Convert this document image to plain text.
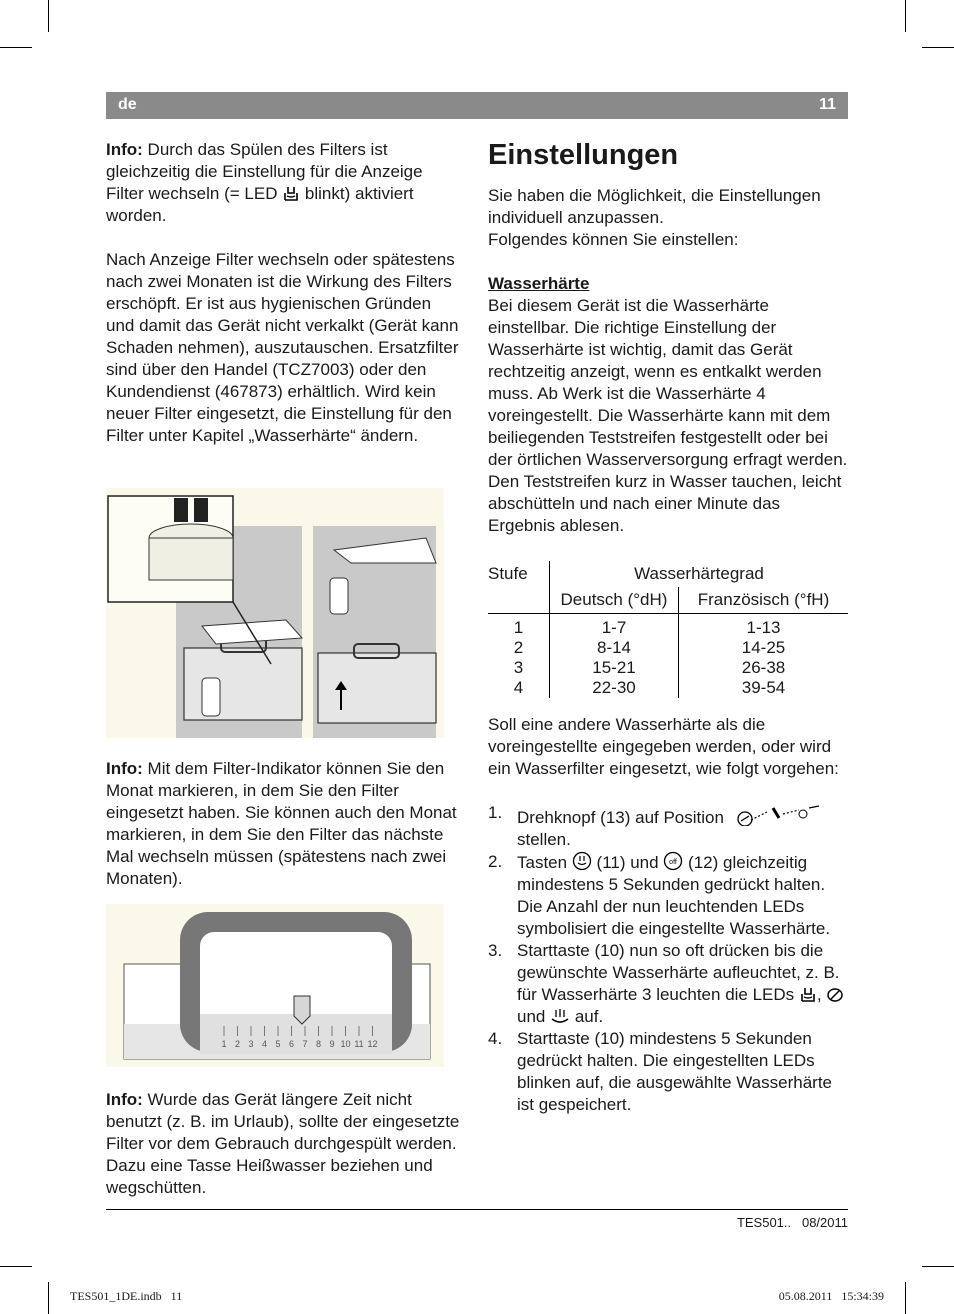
de	11

Info: Durch das Spülen des Filters ist gleichzeitig die Einstellung für die Anzeige Filter wechseln (= LED  blinkt) aktiviert worden.

Nach Anzeige Filter wechseln oder spätestens nach zwei Monaten ist die Wirkung des Filters erschöpft. Er ist aus hygienischen Gründen und damit das Gerät nicht verkalkt (Gerät kann Schaden nehmen), auszutauschen. Ersatzfilter sind über den Handel (TCZ7003) oder den Kundendienst (467873) erhältlich. Wird kein neuer Filter eingesetzt, die Einstellung für den Filter unter Kapitel „Wasserhärte“ ändern.

Info: Mit dem Filter-Indikator können Sie den Monat markieren, in dem Sie den Filter eingesetzt haben. Sie können auch den Monat markieren, in dem Sie den Filter das nächste Mal wechseln müssen (spätestens nach zwei Monaten).

1 2 3 4 5 6 7 8 9 10 11 12

Info: Wurde das Gerät längere Zeit nicht benutzt (z. B. im Urlaub), sollte der eingesetzte Filter vor dem Gebrauch durchgespült werden. Dazu eine Tasse Heißwasser beziehen und wegschütten.

Einstellungen

Sie haben die Möglichkeit, die Einstellungen individuell anzupassen.

Folgendes können Sie einstellen:

Wasserhärte

Bei diesem Gerät ist die Wasserhärte einstellbar. Die richtige Einstellung der Wasserhärte ist wichtig, damit das Gerät rechtzeitig anzeigt, wenn es entkalkt werden muss. Ab Werk ist die Wasserhärte 4 voreingestellt. Die Wasserhärte kann mit dem beiliegenden Teststreifen festgestellt oder bei der örtlichen Wasserversorgung erfragt werden.

Den Teststreifen kurz in Wasser tauchen, leicht abschütteln und nach einer Minute das Ergebnis ablesen.

Stufe	Wasserhärtegrad	
	Deutsch (°dH)	Französisch (°fH)
1	1-7	1-13
2	8-14	14-25
3	15-21	26-38
4	22-30	39-54

Soll eine andere Wasserhärte als die voreingestellte eingegeben werden, oder wird ein Wasserfilter eingesetzt, wie folgt vorgehen:

1. Drehknopf (13) auf Position  stellen.
2. Tasten  (11) und off (12) gleichzeitig mindestens 5 Sekunden gedrückt halten. Die Anzahl der nun leuchtenden LEDs symbolisiert die eingestellte Wasserhärte.
3. Starttaste (10) nun so oft drücken bis die gewünschte Wasserhärte aufleuchtet, z. B. für Wasserhärte 3 leuchten die LEDs ,  und  auf.
4. Starttaste (10) mindestens 5 Sekunden gedrückt halten. Die eingestellten LEDs blinken auf, die ausgewählte Wasserhärte ist gespeichert.
TES501..   08/2011
TES501_1DE.indb   11	05.08.2011   15:34:39
